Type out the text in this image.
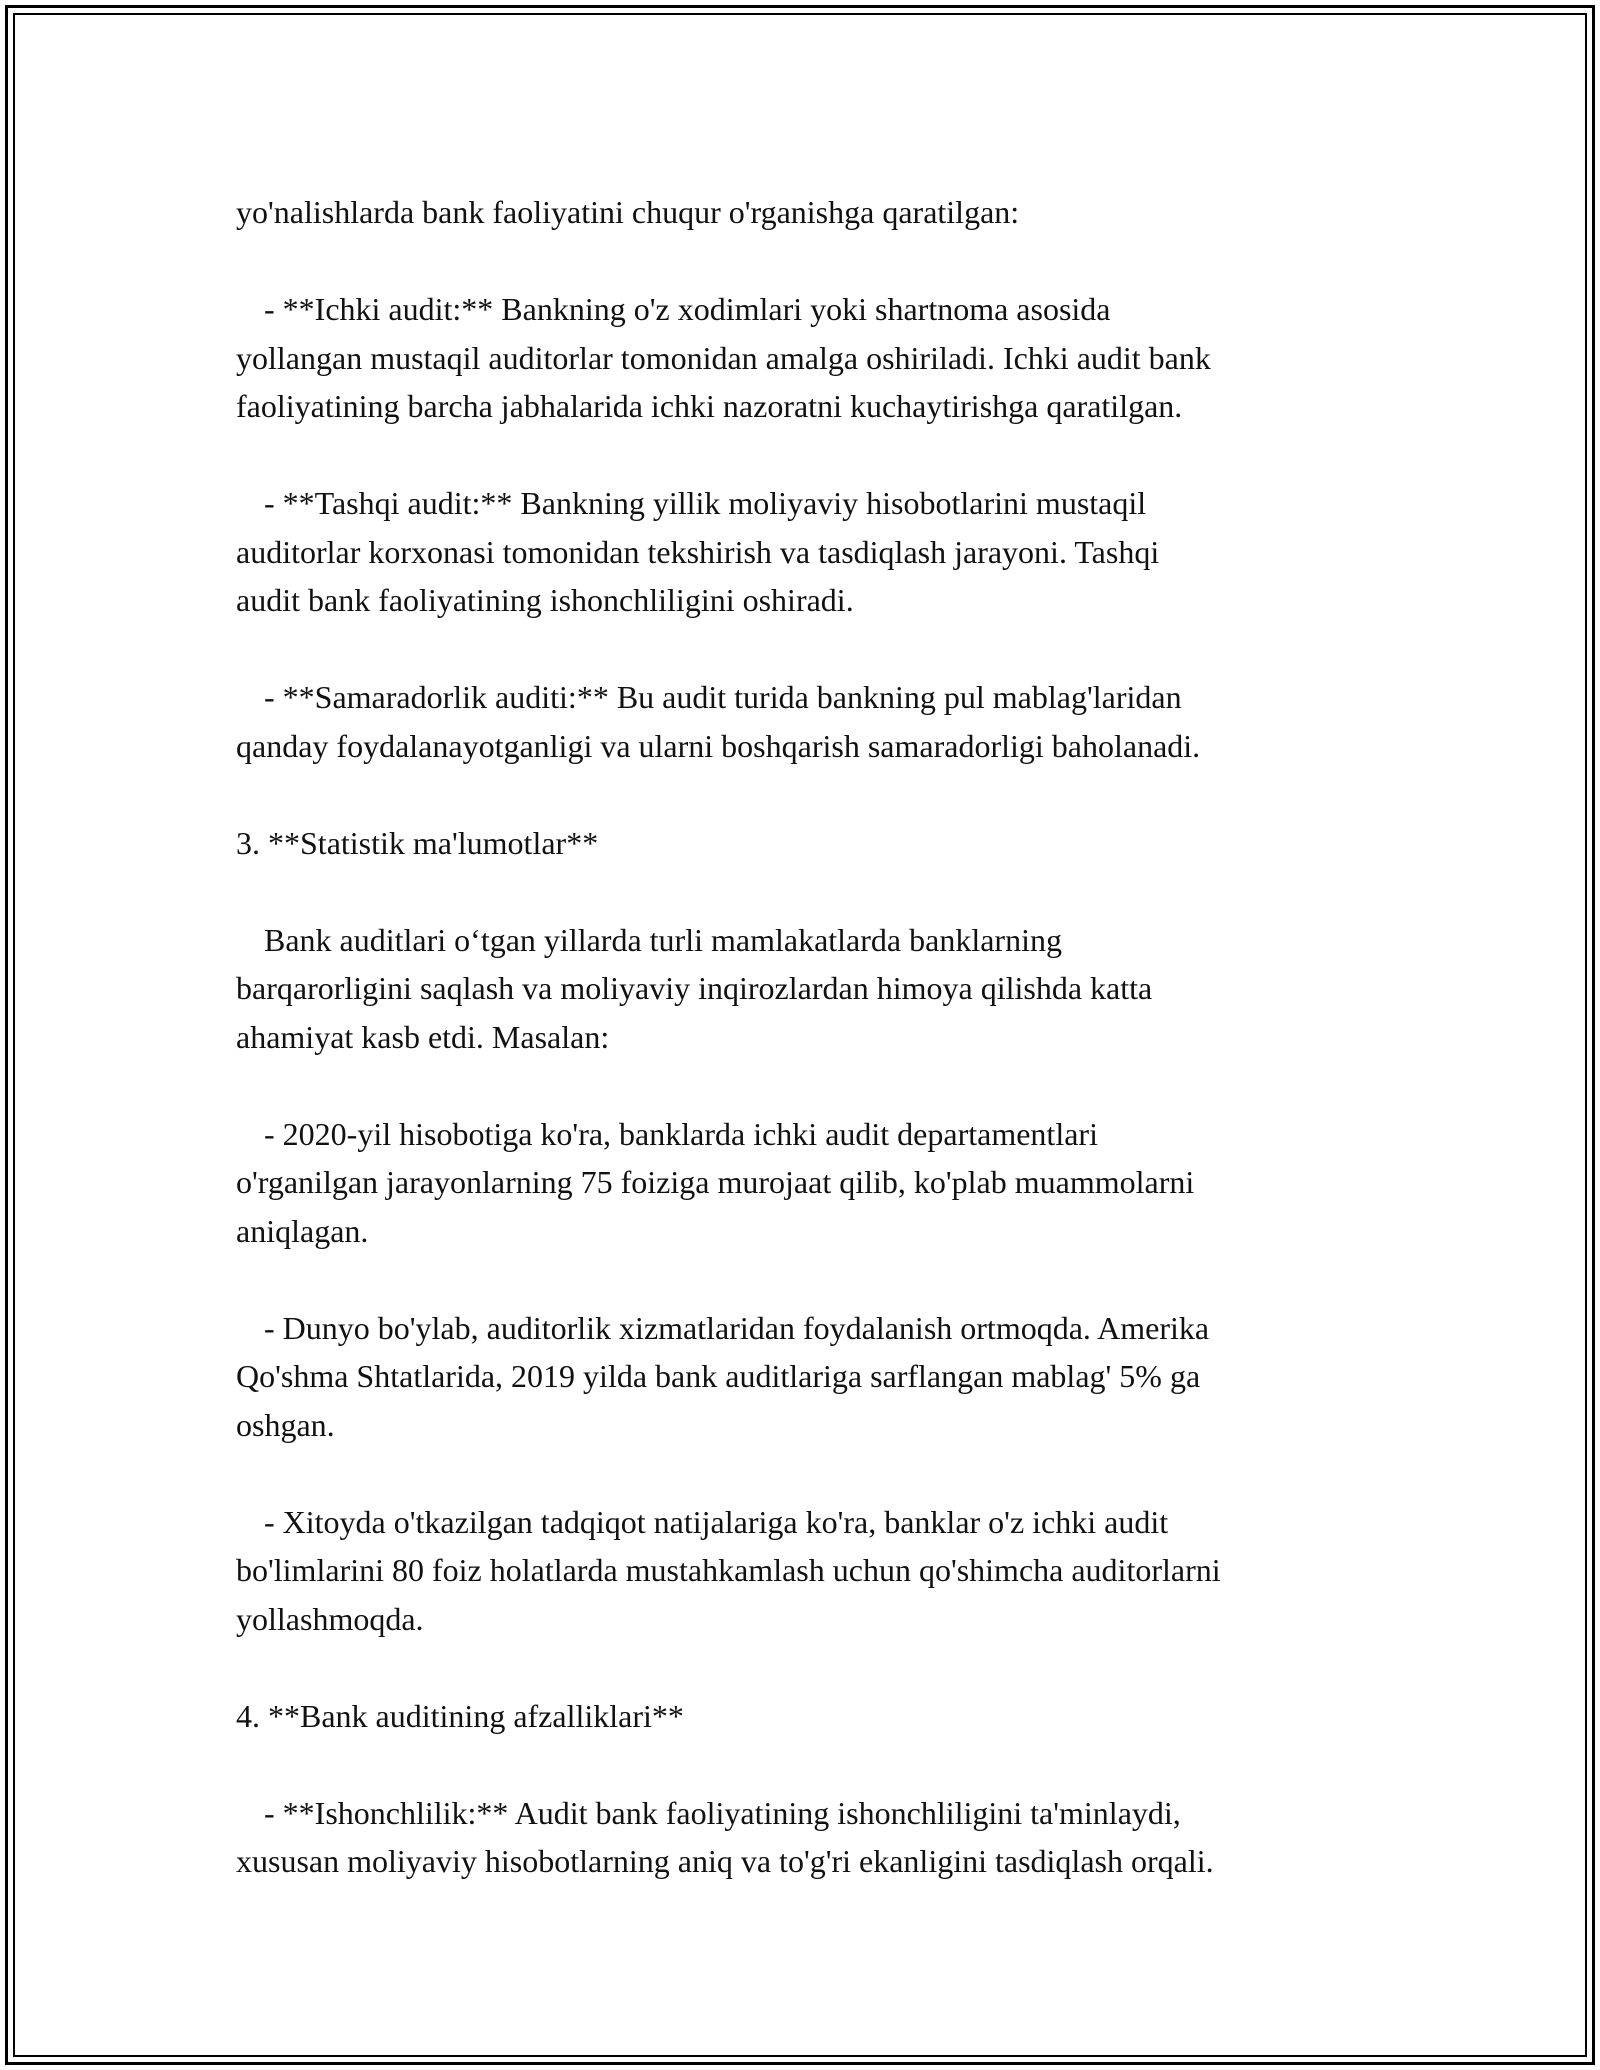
yo'nalishlarda bank faoliyatini chuqur o'rganishga qaratilgan:

- **Ichki audit:** Bankning o'z xodimlari yoki shartnoma asosida
yollangan mustaqil auditorlar tomonidan amalga oshiriladi. Ichki audit bank
faoliyatining barcha jabhalarida ichki nazoratni kuchaytirishga qaratilgan.

- **Tashqi audit:** Bankning yillik moliyaviy hisobotlarini mustaqil
auditorlar korxonasi tomonidan tekshirish va tasdiqlash jarayoni. Tashqi
audit bank faoliyatining ishonchliligini oshiradi.

- **Samaradorlik auditi:** Bu audit turida bankning pul mablag'laridan
qanday foydalanayotganligi va ularni boshqarish samaradorligi baholanadi.

3. **Statistik ma'lumotlar**

Bank auditlari o‘tgan yillarda turli mamlakatlarda banklarning
barqarorligini saqlash va moliyaviy inqirozlardan himoya qilishda katta
ahamiyat kasb etdi. Masalan:

- 2020-yil hisobotiga ko'ra, banklarda ichki audit departamentlari
o'rganilgan jarayonlarning 75 foiziga murojaat qilib, ko'plab muammolarni
aniqlagan.

- Dunyo bo'ylab, auditorlik xizmatlaridan foydalanish ortmoqda. Amerika
Qo'shma Shtatlarida, 2019 yilda bank auditlariga sarflangan mablag' 5% ga
oshgan.

- Xitoyda o'tkazilgan tadqiqot natijalariga ko'ra, banklar o'z ichki audit
bo'limlarini 80 foiz holatlarda mustahkamlash uchun qo'shimcha auditorlarni
yollashmoqda.

4. **Bank auditining afzalliklari**

- **Ishonchlilik:** Audit bank faoliyatining ishonchliligini ta'minlaydi,
xususan moliyaviy hisobotlarning aniq va to'g'ri ekanligini tasdiqlash orqali.
